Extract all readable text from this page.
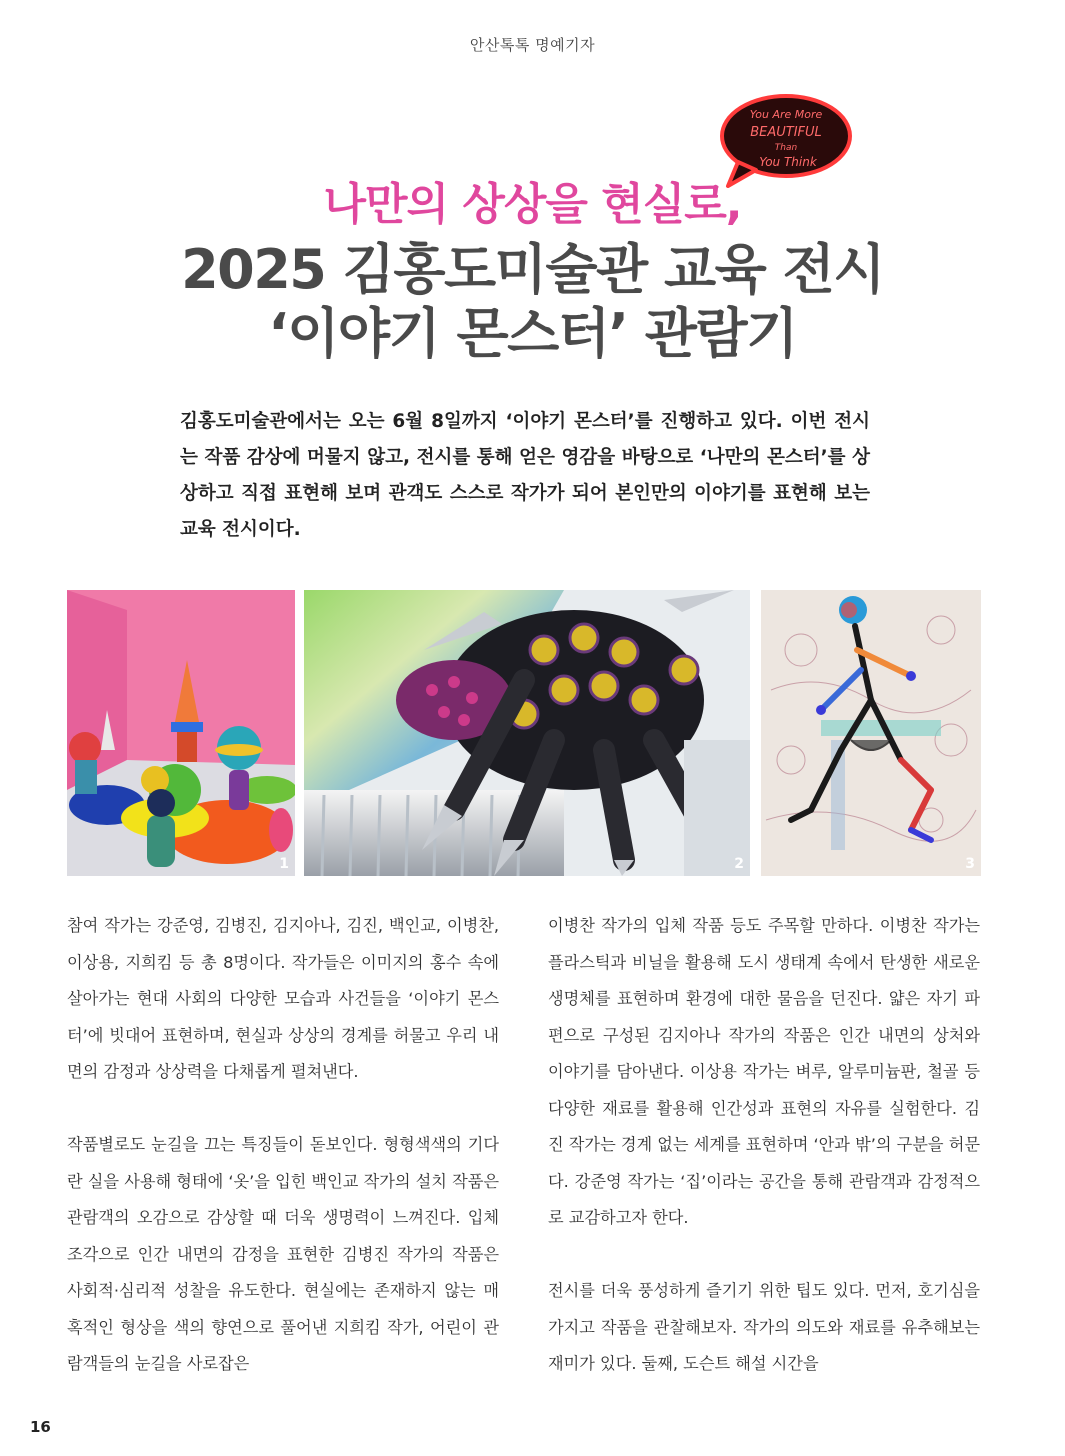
안산톡톡 명예기자
You Are More
BEAUTIFUL
Than
You Think
나만의 상상을 현실로,
2025 김홍도미술관 교육 전시
‘이야기 몬스터’ 관람기
김홍도미술관에서는 오는 6월 8일까지 ‘이야기 몬스터’를 진행하고 있다. 이번 전시는 작품 감상에 머물지 않고, 전시를 통해 얻은 영감을 바탕으로 ‘나만의 몬스터’를 상상하고 직접 표현해 보며 관객도 스스로 작가가 되어 본인만의 이야기를 표현해 보는 교육 전시이다.
1	2	3

참여 작가는 강준영, 김병진, 김지아나, 김진, 백인교, 이병찬, 이상용, 지희킴 등 총 8명이다. 작가들은 이미지의 홍수 속에 살아가는 현대 사회의 다양한 모습과 사건들을 ‘이야기 몬스터’에 빗대어 표현하며, 현실과 상상의 경계를 허물고 우리 내면의 감정과 상상력을 다채롭게 펼쳐낸다.

작품별로도 눈길을 끄는 특징들이 돋보인다. 형형색색의 기다란 실을 사용해 형태에 ‘옷’을 입힌 백인교 작가의 설치 작품은 관람객의 오감으로 감상할 때 더욱 생명력이 느껴진다. 입체 조각으로 인간 내면의 감정을 표현한 김병진 작가의 작품은 사회적·심리적 성찰을 유도한다. 현실에는 존재하지 않는 매혹적인 형상을 색의 향연으로 풀어낸 지희킴 작가, 어린이 관람객들의 눈길을 사로잡은

이병찬 작가의 입체 작품 등도 주목할 만하다. 이병찬 작가는 플라스틱과 비닐을 활용해 도시 생태계 속에서 탄생한 새로운 생명체를 표현하며 환경에 대한 물음을 던진다. 얇은 자기 파편으로 구성된 김지아나 작가의 작품은 인간 내면의 상처와 이야기를 담아낸다. 이상용 작가는 벼루, 알루미늄판, 철골 등 다양한 재료를 활용해 인간성과 표현의 자유를 실험한다. 김진 작가는 경계 없는 세계를 표현하며 ‘안과 밖’의 구분을 허문다. 강준영 작가는 ‘집’이라는 공간을 통해 관람객과 감정적으로 교감하고자 한다.

전시를 더욱 풍성하게 즐기기 위한 팁도 있다. 먼저, 호기심을 가지고 작품을 관찰해보자. 작가의 의도와 재료를 유추해보는 재미가 있다. 둘째, 도슨트 해설 시간을

16
